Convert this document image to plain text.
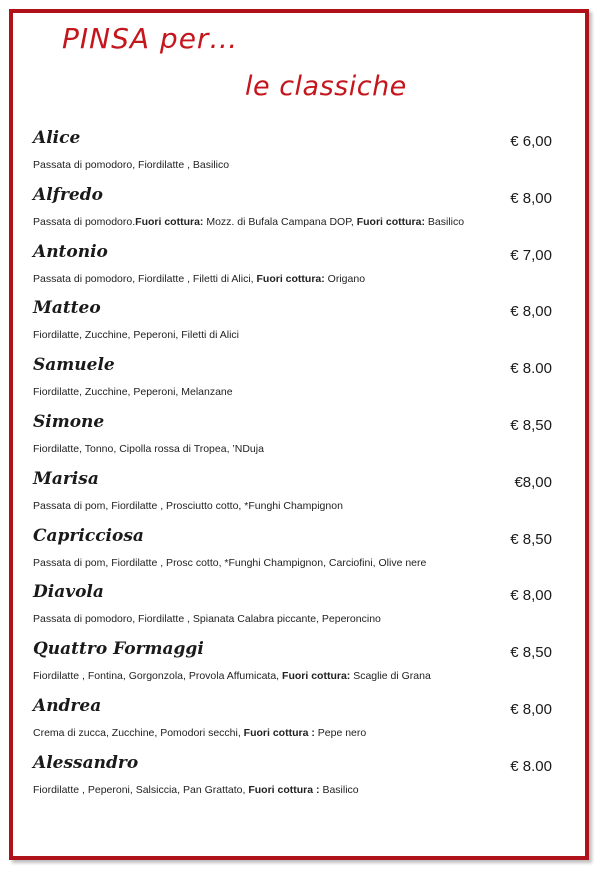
PINSA per…
le classiche
Alice	€ 6,00
Passata di pomodoro, Fiordilatte , Basilico
Alfredo	€ 8,00
Passata di pomodoro.Fuori cottura: Mozz. di Bufala Campana DOP, Fuori cottura: Basilico
Antonio	€ 7,00
Passata di pomodoro, Fiordilatte , Filetti di Alici, Fuori cottura: Origano
Matteo	€ 8,00
Fiordilatte, Zucchine, Peperoni, Filetti di Alici
Samuele	€ 8.00
Fiordilatte, Zucchine, Peperoni, Melanzane
Simone	€ 8,50
Fiordilatte, Tonno, Cipolla rossa di Tropea, ’NDuja
Marisa	€8,00
Passata di pom, Fiordilatte , Prosciutto cotto, *Funghi Champignon
Capricciosa	€ 8,50
Passata di pom, Fiordilatte , Prosc cotto, *Funghi Champignon, Carciofini, Olive nere
Diavola	€ 8,00
Passata di pomodoro, Fiordilatte , Spianata Calabra piccante, Peperoncino
Quattro Formaggi	€ 8,50
Fiordilatte , Fontina, Gorgonzola, Provola Affumicata, Fuori cottura: Scaglie di Grana
Andrea	€ 8,00
Crema di zucca, Zucchine, Pomodori secchi, Fuori cottura : Pepe nero
Alessandro	€ 8.00
Fiordilatte , Peperoni, Salsiccia, Pan Grattato, Fuori cottura : Basilico
